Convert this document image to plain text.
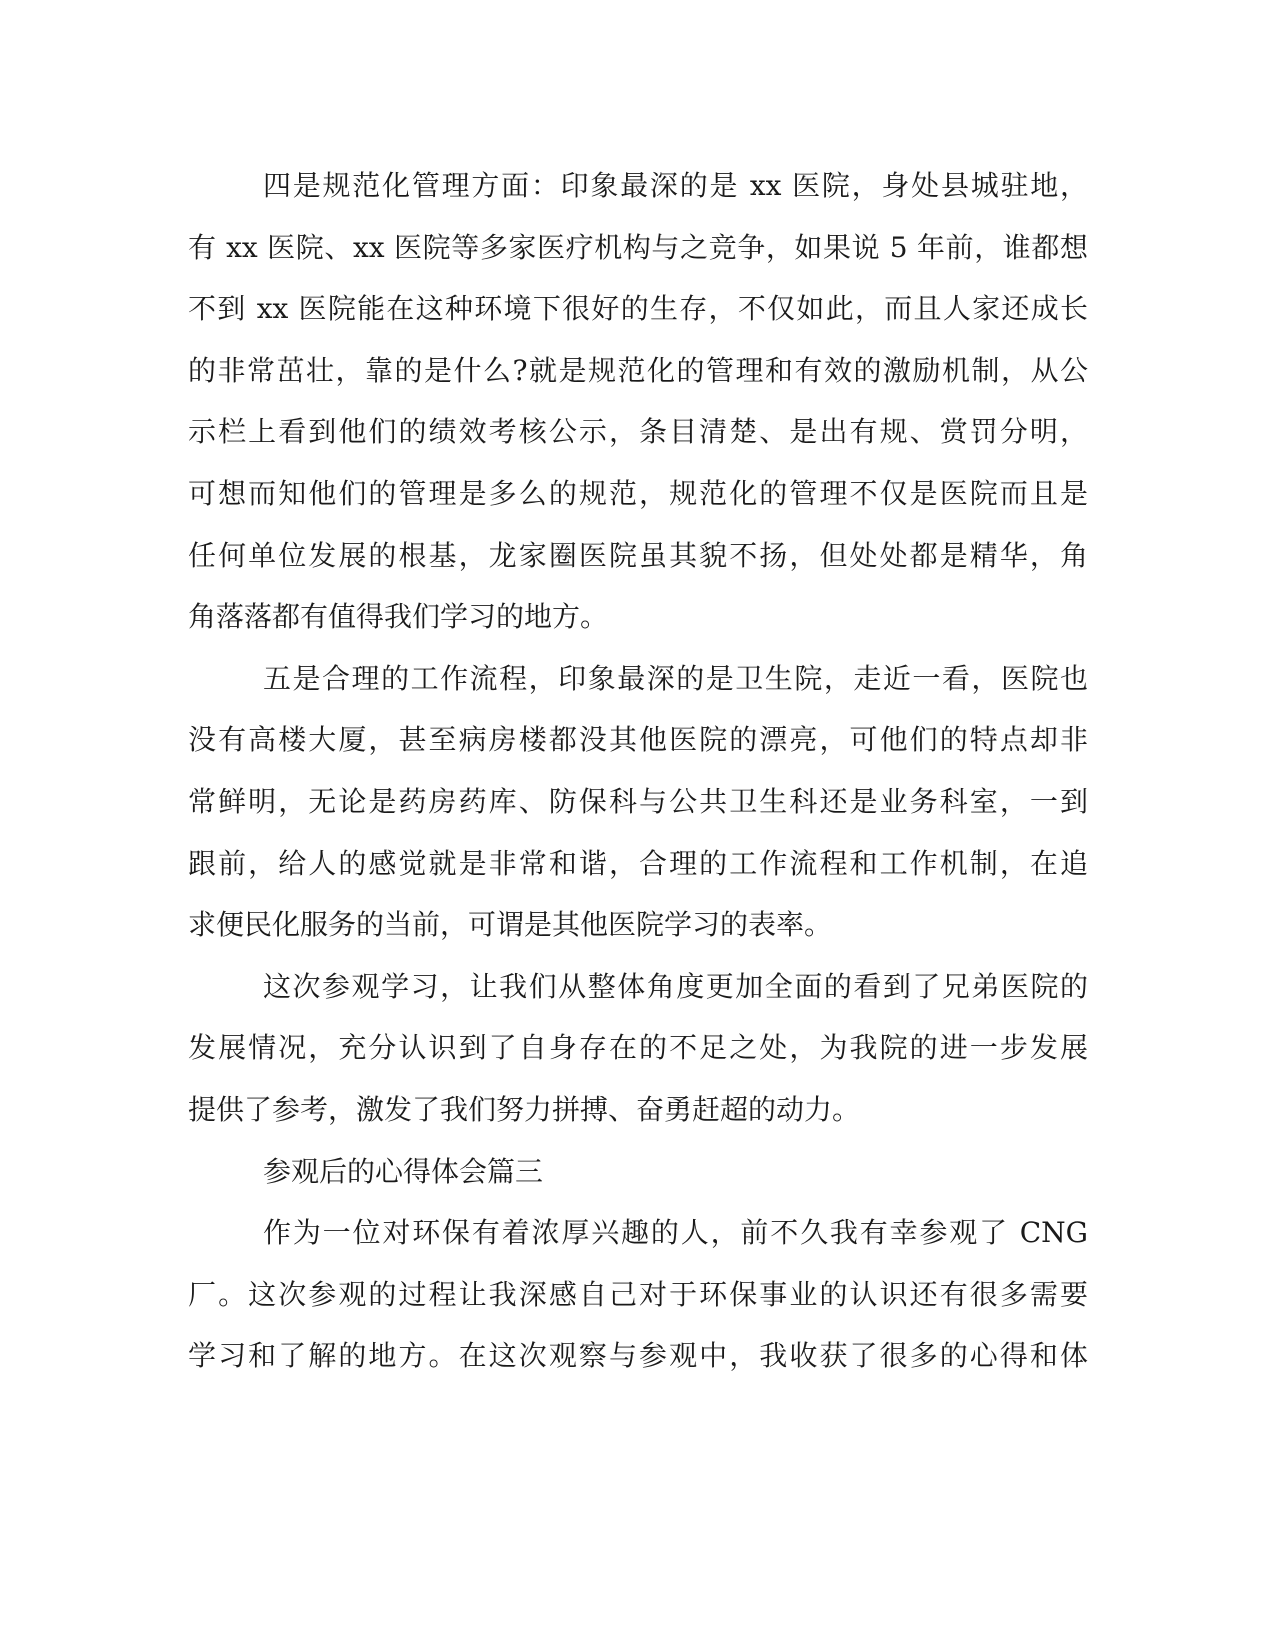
四是规范化管理方面：印象最深的是 xx 医院，身处县城驻地，
有 xx 医院、xx 医院等多家医疗机构与之竞争，如果说 5 年前，谁都想
不到 xx 医院能在这种环境下很好的生存，不仅如此，而且人家还成长
的非常茁壮，靠的是什么?就是规范化的管理和有效的激励机制，从公
示栏上看到他们的绩效考核公示，条目清楚、是出有规、赏罚分明，
可想而知他们的管理是多么的规范，规范化的管理不仅是医院而且是
任何单位发展的根基，龙家圈医院虽其貌不扬，但处处都是精华，角
角落落都有值得我们学习的地方。
五是合理的工作流程，印象最深的是卫生院，走近一看，医院也
没有高楼大厦，甚至病房楼都没其他医院的漂亮，可他们的特点却非
常鲜明，无论是药房药库、防保科与公共卫生科还是业务科室，一到
跟前，给人的感觉就是非常和谐，合理的工作流程和工作机制，在追
求便民化服务的当前，可谓是其他医院学习的表率。
这次参观学习，让我们从整体角度更加全面的看到了兄弟医院的
发展情况，充分认识到了自身存在的不足之处，为我院的进一步发展
提供了参考，激发了我们努力拼搏、奋勇赶超的动力。
参观后的心得体会篇三
作为一位对环保有着浓厚兴趣的人，前不久我有幸参观了 CNG
厂。这次参观的过程让我深感自己对于环保事业的认识还有很多需要
学习和了解的地方。在这次观察与参观中，我收获了很多的心得和体
